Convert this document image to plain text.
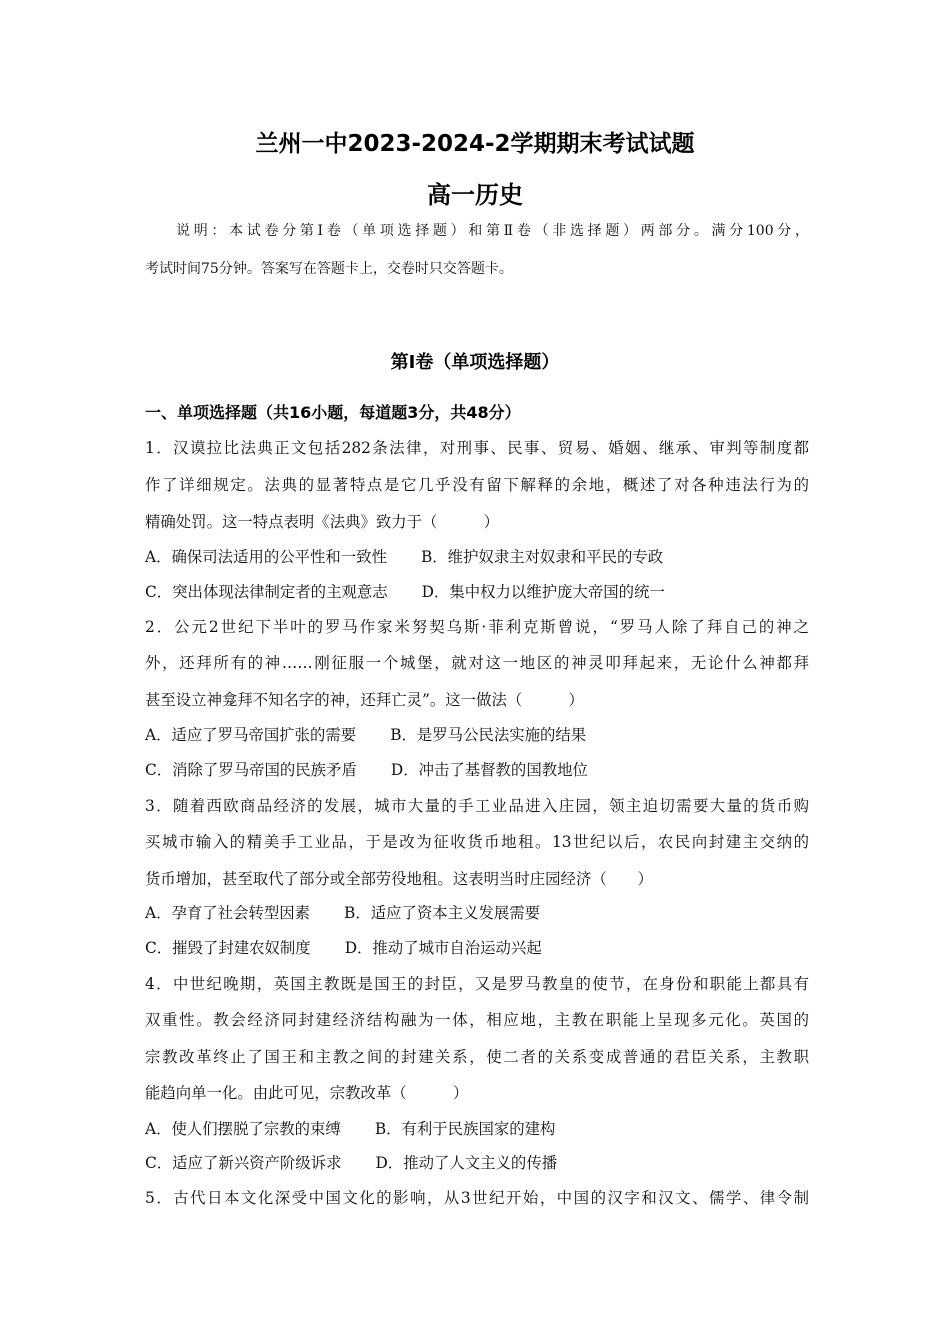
兰州一中2023-2024-2学期期末考试试题
高一历史
说明：本试卷分第Ⅰ卷（单项选择题）和第Ⅱ卷（非选择题）两部分。满分100分，
考试时间75分钟。答案写在答题卡上，交卷时只交答题卡。
第Ⅰ卷（单项选择题）
一、单项选择题（共16小题，每道题3分，共48分）
1．汉谟拉比法典正文包括282条法律，对刑事、民事、贸易、婚姻、继承、审判等制度都
作了详细规定。法典的显著特点是它几乎没有留下解释的余地，概述了对各种违法行为的
精确处罚。这一特点表明《法典》致力于（　　　）
A．确保司法适用的公平性和一致性 B．维护奴隶主对奴隶和平民的专政
C．突出体现法律制定者的主观意志 D．集中权力以维护庞大帝国的统一
2．公元2世纪下半叶的罗马作家米努契乌斯·菲利克斯曾说，“罗马人除了拜自己的神之
外，还拜所有的神……刚征服一个城堡，就对这一地区的神灵叩拜起来，无论什么神都拜
甚至设立神龛拜不知名字的神，还拜亡灵”。这一做法（　　　）
A．适应了罗马帝国扩张的需要 B．是罗马公民法实施的结果
C．消除了罗马帝国的民族矛盾 D．冲击了基督教的国教地位
3．随着西欧商品经济的发展，城市大量的手工业品进入庄园，领主迫切需要大量的货币购
买城市输入的精美手工业品，于是改为征收货币地租。13世纪以后，农民向封建主交纳的
货币增加，甚至取代了部分或全部劳役地租。这表明当时庄园经济（　　）
A．孕育了社会转型因素 B．适应了资本主义发展需要
C．摧毁了封建农奴制度 D．推动了城市自治运动兴起
4．中世纪晚期，英国主教既是国王的封臣，又是罗马教皇的使节，在身份和职能上都具有
双重性。教会经济同封建经济结构融为一体，相应地，主教在职能上呈现多元化。英国的
宗教改革终止了国王和主教之间的封建关系，使二者的关系变成普通的君臣关系，主教职
能趋向单一化。由此可见，宗教改革（　　　）
A．使人们摆脱了宗教的束缚 B．有利于民族国家的建构
C．适应了新兴资产阶级诉求 D．推动了人文主义的传播
5．古代日本文化深受中国文化的影响，从3世纪开始，中国的汉字和汉文、儒学、律令制
